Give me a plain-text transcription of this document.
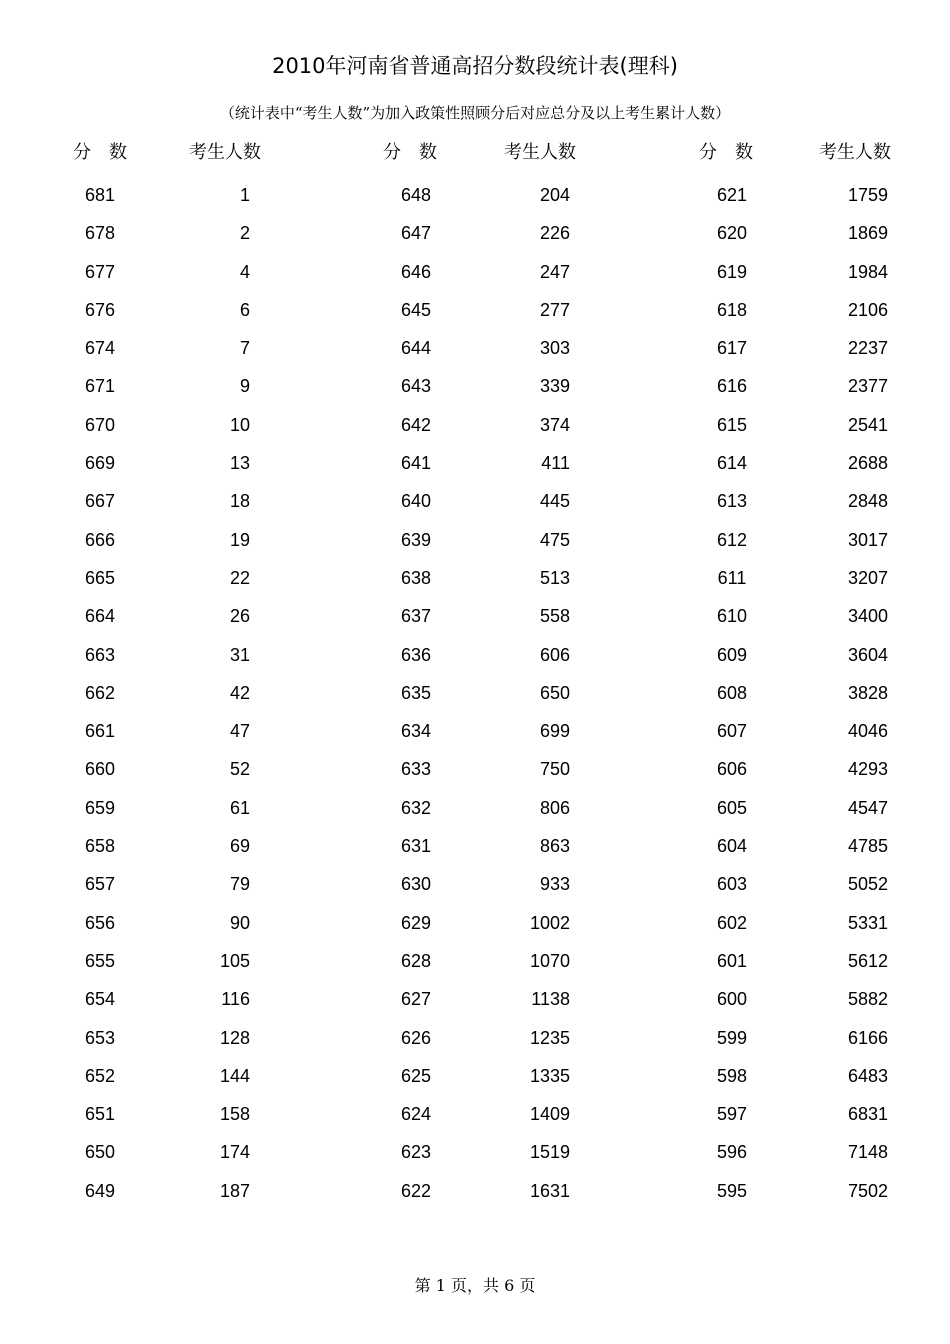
2010年河南省普通高招分数段统计表(理科)
（统计表中“考生人数”为加入政策性照顾分后对应总分及以上考生累计人数）
分　数	考生人数	分　数	考生人数	分　数	考生人数
681	1	648	204	621	1759
678	2	647	226	620	1869
677	4	646	247	619	1984
676	6	645	277	618	2106
674	7	644	303	617	2237
671	9	643	339	616	2377
670	10	642	374	615	2541
669	13	641	411	614	2688
667	18	640	445	613	2848
666	19	639	475	612	3017
665	22	638	513	611	3207
664	26	637	558	610	3400
663	31	636	606	609	3604
662	42	635	650	608	3828
661	47	634	699	607	4046
660	52	633	750	606	4293
659	61	632	806	605	4547
658	69	631	863	604	4785
657	79	630	933	603	5052
656	90	629	1002	602	5331
655	105	628	1070	601	5612
654	116	627	1138	600	5882
653	128	626	1235	599	6166
652	144	625	1335	598	6483
651	158	624	1409	597	6831
650	174	623	1519	596	7148
649	187	622	1631	595	7502
第 1 页，共 6 页
